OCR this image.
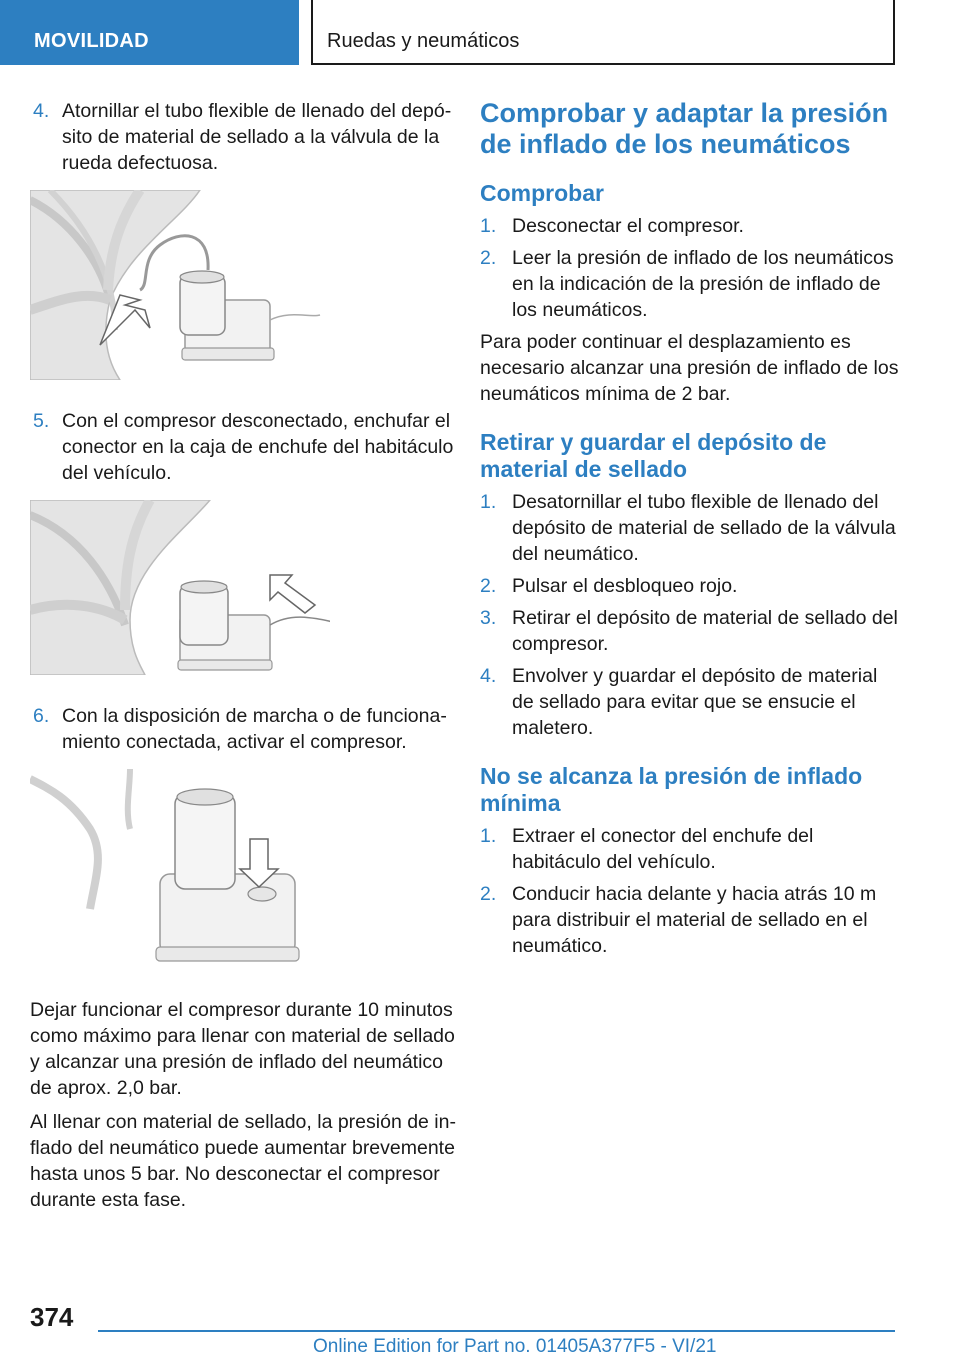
MOVILIDAD	Ruedas y neumáticos
4. Atornillar el tubo flexible de llenado del depósito de material de sellado a la válvula de la rueda defectuosa.
5. Con el compresor desconectado, enchufar el conector en la caja de enchufe del habitáculo del vehículo.
6. Con la disposición de marcha o de funcionamiento conectada, activar el compresor.

Dejar funcionar el compresor durante 10 minutos como máximo para llenar con material de sellado y alcanzar una presión de inflado del neumático de aprox. 2,0 bar.

Al llenar con material de sellado, la presión de inflado del neumático puede aumentar brevemente hasta unos 5 bar. No desconectar el compresor durante esta fase.

Comprobar y adaptar la presión de inflado de los neumáticos
Comprobar
1. Desconectar el compresor.
2. Leer la presión de inflado de los neumáticos en la indicación de la presión de inflado de los neumáticos.

Para poder continuar el desplazamiento es necesario alcanzar una presión de inflado de los neumáticos mínima de 2 bar.

Retirar y guardar el depósito de material de sellado
1. Desatornillar el tubo flexible de llenado del depósito de material de sellado de la válvula del neumático.
2. Pulsar el desbloqueo rojo.
3. Retirar el depósito de material de sellado del compresor.
4. Envolver y guardar el depósito de material de sellado para evitar que se ensucie el maletero.
No se alcanza la presión de inflado mínima
1. Extraer el conector del enchufe del habitáculo del vehículo.
2. Conducir hacia delante y hacia atrás 10 m para distribuir el material de sellado en el neumático.
374
Online Edition for Part no. 01405A377F5 - VI/21
